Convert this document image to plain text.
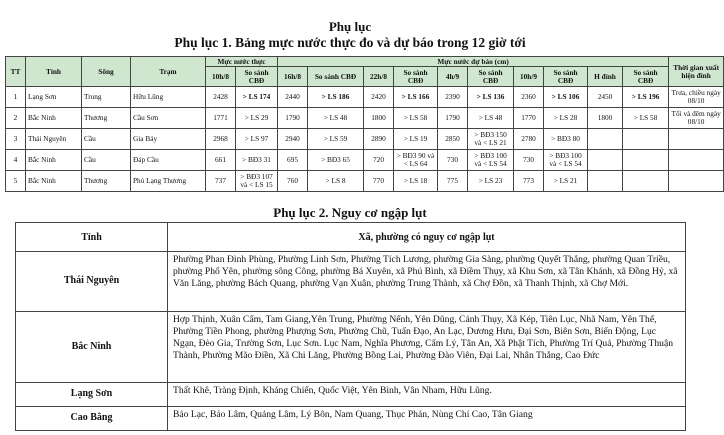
Phụ lục
Phụ lục 1. Bảng mực nước thực đo và dự báo trong 12 giờ tới
TT	Tỉnh	Sông	Trạm	Mực nước thực		Mực nước dự báo (cm)										Thời gian xuất hiện đỉnh
				10h/8	So sánh CBĐ	16h/8	So sánh CBĐ	22h/8	So sánh CBĐ	4h/9	So sánh CBĐ	10h/9	So sánh CBĐ	H đỉnh	So sánh CBĐ	
1	Lạng Sơn	Trung	Hữu Lũng	2428	> LS 174	2440	> LS 186	2420	> LS 166	2390	> LS 136	2360	> LS 106	2450	> LS 196	Trưa, chiều ngày 08/10
2	Bắc Ninh	Thương	Cầu Sơn	1771	> LS 29	1790	> LS 48	1800	> LS 58	1790	> LS 48	1770	> LS 28	1800	> LS 58	Tối và đêm ngày 08/10
3	Thái Nguyên	Cầu	Gia Bảy	2968	> LS 97	2940	> LS 59	2890	> LS 19	2850	> BĐ3 150 và < LS 21	2780	> BĐ3 80			
4	Bắc Ninh	Cầu	Đáp Cầu	661	> BĐ3 31	695	> BĐ3 65	720	> BĐ3 90 và < LS 64	730	> BĐ3 100 và < LS 54	730	> BĐ3 100 và < LS 54			
5	Bắc Ninh	Thương	Phủ Lạng Thương	737	> BĐ3 107 và < LS 15	760	> LS 8	770	> LS 18	775	> LS 23	773	> LS 21			
Phụ lục 2. Nguy cơ ngập lụt
Tỉnh	Xã, phường có nguy cơ ngập lụt
Thái Nguyên	Phường Phan Đình Phùng, Phường Linh Sơn, Phường Tích Lương, phường Gia Sàng, phường Quyết Thắng, phường Quan Triều, phường Phổ Yên, phường sông Công, phường Bá Xuyên, xã Phú Bình, xã Điềm Thụy, xã Khu Sơn, xã Tân Khánh, xã Đồng Hỷ, xã Văn Lăng, phường Bách Quang, phường Vạn Xuân, phường Trung Thành, xã Chợ Đồn, xã Thanh Thịnh, xã Chợ Mới.
Bắc Ninh	Hợp Thịnh, Xuân Cẩm, Tam Giang,Yên Trung, Phường Nếnh, Yên Dũng, Cảnh Thụy, Xã Kép, Tiên Lục, Nhã Nam, Yên Thế, Phường Tiền Phong, phường Phượng Sơn, Phường Chũ, Tuấn Đạo, An Lạc, Dương Hưu, Đại Sơn, Biên Sơn, Biển Động, Lục Ngạn, Đèo Gia, Trường Sơn, Lục Sơn. Lục Nam, Nghĩa Phương, Cẩm Lý, Tân An, Xã Phật Tích, Phường Trí Quả, Phường Thuận Thành, Phường Mão Điền, Xã Chi Lăng, Phường Bồng Lai, Phường Đào Viên, Đại Lai, Nhân Thắng, Cao Đức
Lạng Sơn	Thất Khê, Tràng Định, Kháng Chiến, Quốc Việt, Yên Bình, Vân Nham, Hữu Lũng.
Cao Bằng	Bảo Lạc, Bảo Lâm, Quảng Lâm, Lý Bôn, Nam Quang, Thục Phán, Nùng Chí Cao, Tân Giang
